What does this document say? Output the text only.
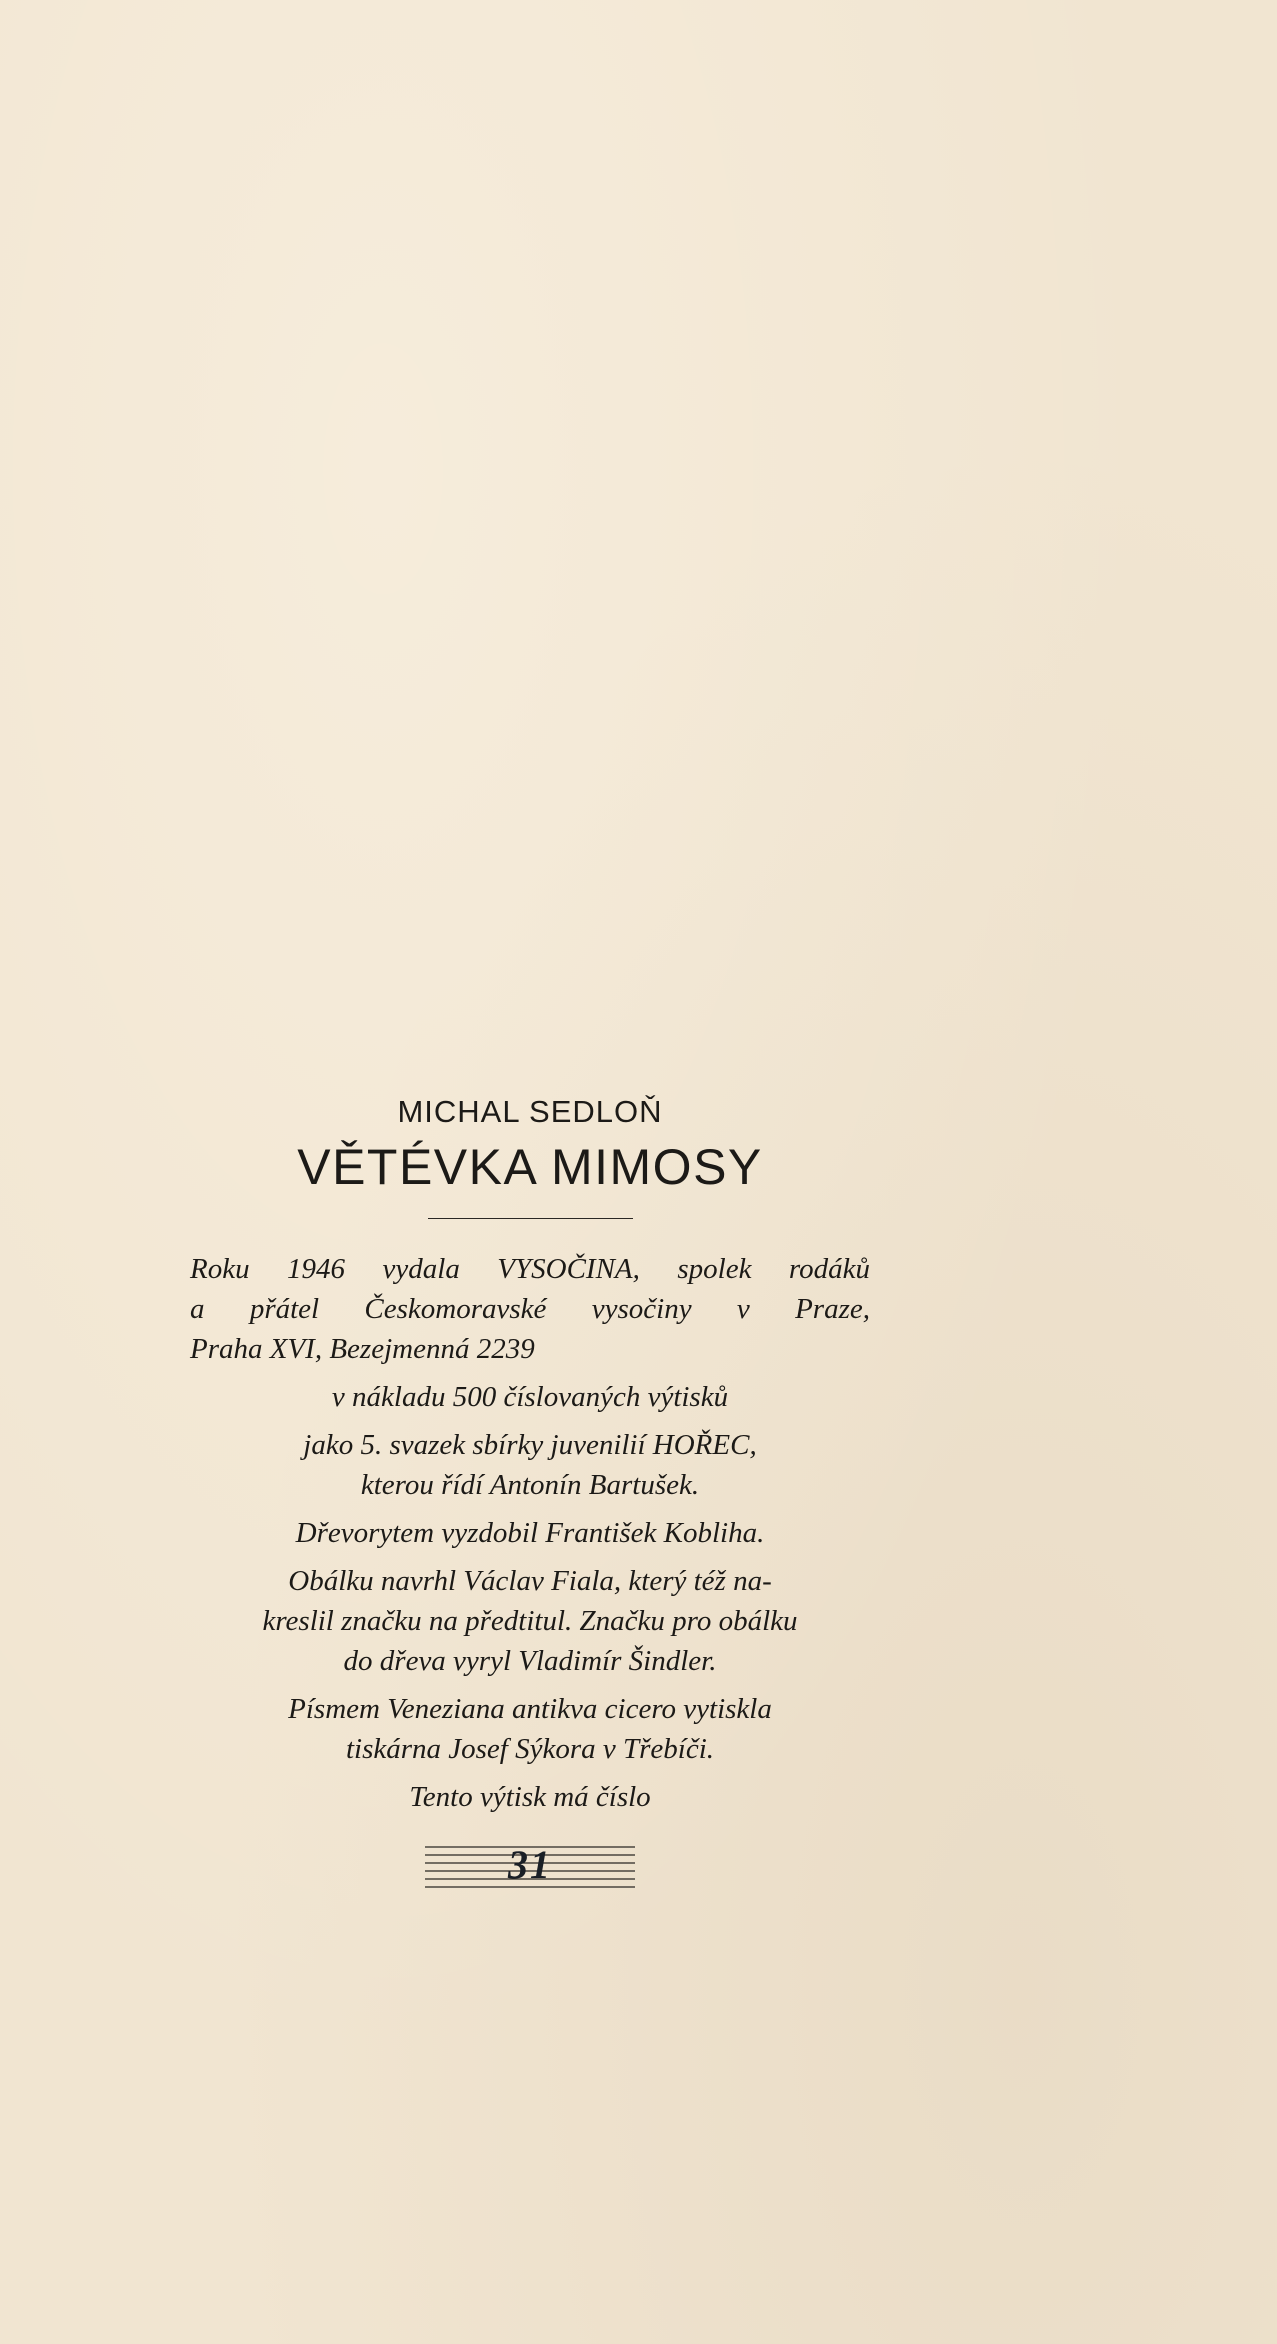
MICHAL SEDLOŇ

VĚTÉVKA MIMOSY

Roku 1946 vydala VYSOČINA, spolek rodáků
a přátel Českomoravské vysočiny v Praze,
Praha XVI, Bezejmenná 2239

v nákladu 500 číslovaných výtisků

jako 5. svazek sbírky juvenilií HOŘEC,
kterou řídí Antonín Bartušek.

Dřevorytem vyzdobil František Kobliha.

Obálku navrhl Václav Fiala, který též na-
kreslil značku na předtitul. Značku pro obálku
do dřeva vyryl Vladimír Šindler.

Písmem Veneziana antikva cicero vytiskla
tiskárna Josef Sýkora v Třebíči.

Tento výtisk má číslo

31
